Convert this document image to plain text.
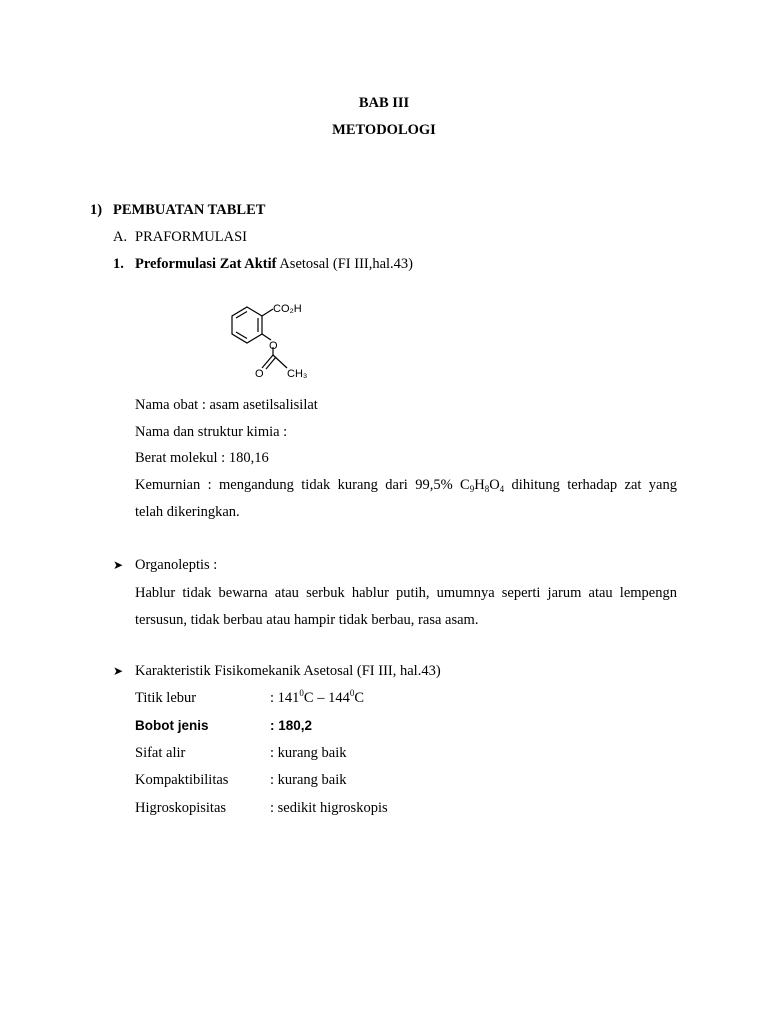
BAB III
METODOLOGI
1) PEMBUATAN TABLET
A. PRAFORMULASI
1. Preformulasi Zat Aktif Asetosal (FI III,hal.43)
CO₂H
O
O CH₃
Nama obat : asam asetilsalisilat
Nama dan struktur kimia :
Berat molekul : 180,16
Kemurnian : mengandung tidak kurang dari 99,5% $C_9H_8O_4$ dihitung terhadap zat yang
telah dikeringkan.
➤ Organoleptis :
Hablur tidak bewarna atau serbuk hablur putih, umumnya seperti jarum atau lempengn
tersusun, tidak berbau atau hampir tidak berbau, rasa asam.
➤ Karakteristik Fisikomekanik Asetosal (FI III, hal.43)
Titik lebur	: $141^0C - 144^0C$
Bobot jenis	: 180,2
Sifat alir	: kurang baik
Kompaktibilitas	: kurang baik
Higroskopisitas	: sedikit higroskopis
